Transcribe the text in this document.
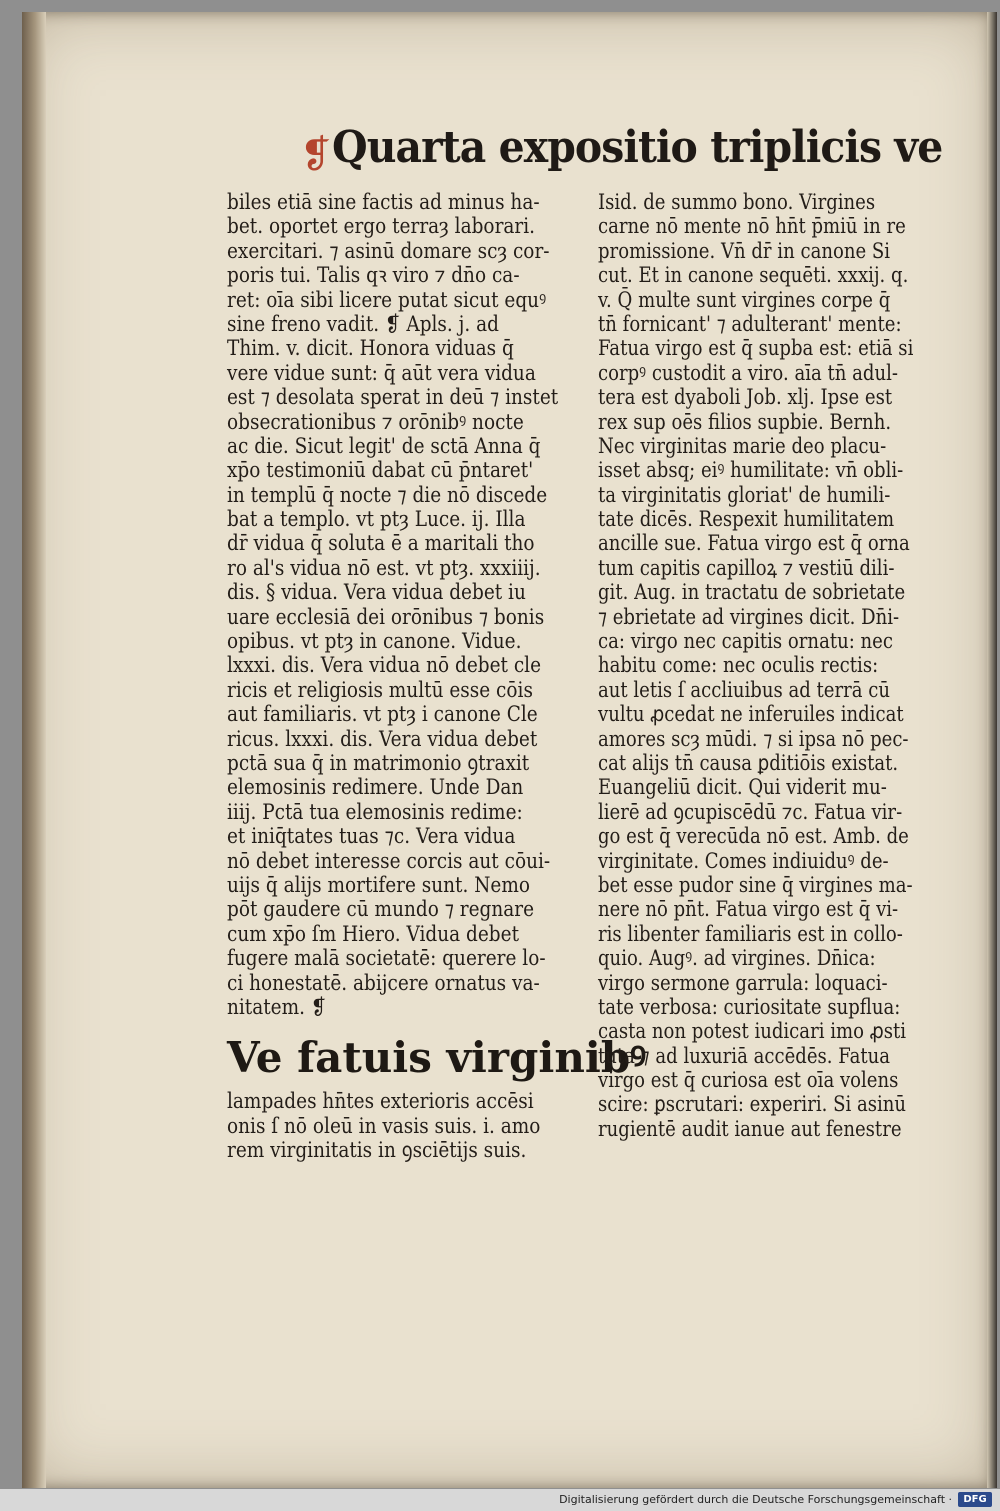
❡ Quarta expositio triplicis ve
biles etiā sine factis ad minus ha-
bet. oportet ergo terraȝ laborari.
exercitari. ⁊ asinū domare scȝ cor-
poris tui. Talis qꝛ viro ⁊ dn̄o ca-
ret: oīa sibi licere putat sicut equꝰ
sine freno vadit. ❡ Apls. j. ad
Thim. v. dicit. Honora viduas q̄
vere vidue sunt: q̄ aūt vera vidua
est ⁊ desolata sperat in deū ⁊ instet
obsecrationibus ⁊ orōnibꝰ nocte
ac die. Sicut legit' de sctā Anna q̄
xp̄o testimoniū dabat cū p̄ntaret'
in templū q̄ nocte ⁊ die nō discede
bat a templo. vt ptȝ Luce. ij. Illa
dr̄ vidua q̄ soluta ē a maritali tho
ro al's vidua nō est. vt ptȝ. xxxiiij.
dis. § vidua. Vera vidua debet iu
uare ecclesiā dei orōnibus ⁊ bonis
opibus. vt ptȝ in canone. Vidue.
lxxxi. dis. Vera vidua nō debet cle
ricis et religiosis multū esse cōis
aut familiaris. vt ptȝ i canone Cle
ricus. lxxxi. dis. Vera vidua debet
pctā sua q̄ in matrimonio ꝯtraxit
elemosinis redimere. Unde Dan
iiij. Pctā tua elemosinis redime:
et iniq̄tates tuas ⁊c. Vera vidua
nō debet interesse corcis aut cōui-
uijs q̄ alijs mortifere sunt. Nemo
pōt gaudere cū mundo ⁊ regnare
cum xp̄o ſm Hiero. Vidua debet
fugere malā societatē: querere lo-
ci honestatē. abijcere ornatus va-
nitatem. ❡
Ve fatuis virginibꝰ
lampades hn̄tes exterioris accēsi
onis ſ nō oleū in vasis suis. i. amo
rem virginitatis in ꝯsciētijs suis.
Isid. de summo bono. Virgines
carne nō mente nō hn̄t p̄miū in re
promissione. Vn̄ dr̄ in canone Si
cut. Et in canone sequēti. xxxij. q.
v. Q̄ multe sunt virgines corpe q̄
tn̄ fornicant' ⁊ adulterant' mente:
Fatua virgo est q̄ supba est: etiā si
corpꝰ custodit a viro. aīa tn̄ adul-
tera est dyaboli Job. xlj. Ipse est
rex sup oēs filios supbie. Bernh.
Nec virginitas marie deo placu-
isset absq; eiꝰ humilitate: vn̄ obli-
ta virginitatis gloriat' de humili-
tate dicēs. Respexit humilitatem
ancille sue. Fatua virgo est q̄ orna
tum capitis capilloꝝ ⁊ vestiū dili-
git. Aug. in tractatu de sobrietate
⁊ ebrietate ad virgines dicit. Dn̄i-
ca: virgo nec capitis ornatu: nec
habitu come: nec oculis rectis:
aut letis ſ accliuibus ad terrā cū
vultu ꝓcedat ne inferuiles indicat
amores scȝ mūdi. ⁊ si ipsa nō pec-
cat alijs tn̄ causa ꝑditiōis existat.
Euangeliū dicit. Qui viderit mu-
lierē ad ꝯcupiscēdū ⁊c. Fatua vir-
go est q̄ verecūda nō est. Amb. de
virginitate. Comes indiuiduꝰ de-
bet esse pudor sine q̄ virgines ma-
nere nō pn̄t. Fatua virgo est q̄ vi-
ris libenter familiaris est in collo-
quio. Augꝰ. ad virgines. Dn̄ica:
virgo sermone garrula: loquaci-
tate verbosa: curiositate supflua:
casta non potest iudicari imo ꝓsti
tuta ⁊ ad luxuriā accēdēs. Fatua
virgo est q̄ curiosa est oīa volens
scire: ꝑscrutari: experiri. Si asinū
rugientē audit ianue aut fenestre
Digitalisierung gefördert durch die Deutsche Forschungsgemeinschaft ·	DFG
